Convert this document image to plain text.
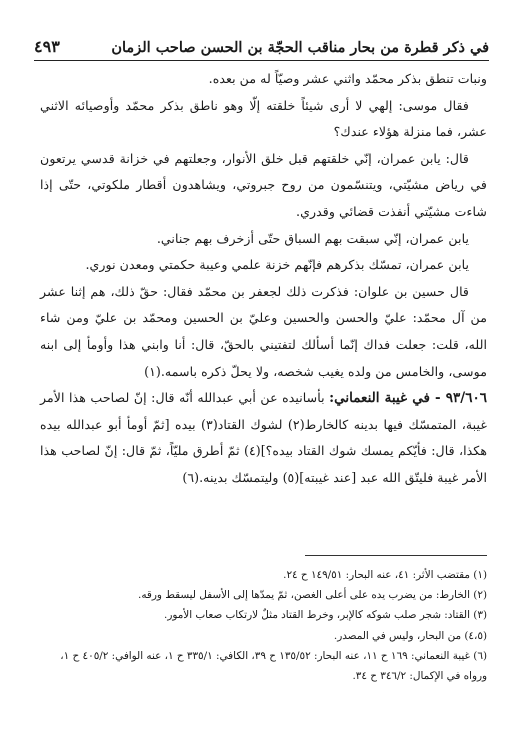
في ذكر قطرة من بحار مناقب الحجّة بن الحسن صاحب الزمان
٤٩٣

ونبات تنطق بذكر محمّد واثني عشر وصيّاً له من بعده.

فقال موسى: إلهي لا أرى شيئاً خلقته إلّا وهو ناطق بذكر محمّد وأوصيائه الاثني عشر، فما منزلة هؤلاء عندك؟

قال: يابن عمران، إنّي خلقتهم قبل خلق الأنوار، وجعلتهم في خزانة قدسي يرتعون في رياض مشيّتي، ويتنسّمون من روح جبروتي، ويشاهدون أقطار ملكوتي، حتّى إذا شاءت مشيّتي أنفذت قضائي وقدري.

يابن عمران، إنّي سبقت بهم السباق حتّى أزخرف بهم جناني.

يابن عمران، تمسّك بذكرهم فإنّهم خزنة علمي وعيبة حكمتي ومعدن نوري.

قال حسين بن علوان: فذكرت ذلك لجعفر بن محمّد فقال: حقّ ذلك، هم إثنا عشر من آل محمّد: عليّ والحسن والحسين وعليّ بن الحسين ومحمّد بن عليّ ومن شاء الله، قلت: جعلت فداك إنّما أسألك لتفتيني بالحقّ، قال: أنا وابني هذا وأومأ إلى ابنه موسى، والخامس من ولده يغيب شخصه، ولا يحلّ ذكره باسمه.(١)

٩٣/٦٠٦ - في غيبة النعماني: بأسانيده عن أبي عبدالله أنّه قال: إنّ لصاحب هذا الأمر غيبة، المتمسّك فيها بدينه كالخارط(٢) لشوك القتاد(٣) بيده [ثمّ أومأ أبو عبدالله بيده هكذا، قال: فأيّكم يمسك شوك القتاد بيده؟](٤) ثمّ أطرق مليّاً، ثمّ قال: إنّ لصاحب هذا الأمر غيبة فليتّق الله عبد [عند غيبته](٥) وليتمسّك بدينه.(٦)

(١) مقتضب الأثر: ٤١، عنه البحار: ١٤٩/٥١ ح ٢٤.

(٢) الخارط: من يضرب يده على أعلى الغصن، ثمّ يمدّها إلى الأسفل ليسقط ورقه.

(٣) القتاد: شجر صلب شوكه كالإبر، وخرط القتاد مثلٌ لارتكاب صعاب الأمور.

(٤،٥) من البحار، وليس في المصدر.

(٦) غيبة النعماني: ١٦٩ ح ١١، عنه البحار: ١٣٥/٥٢ ح ٣٩، الكافي: ٣٣٥/١ ح ١، عنه الوافي: ٤٠٥/٢ ح ١، ورواه في الإكمال: ٣٤٦/٢ ح ٣٤.
